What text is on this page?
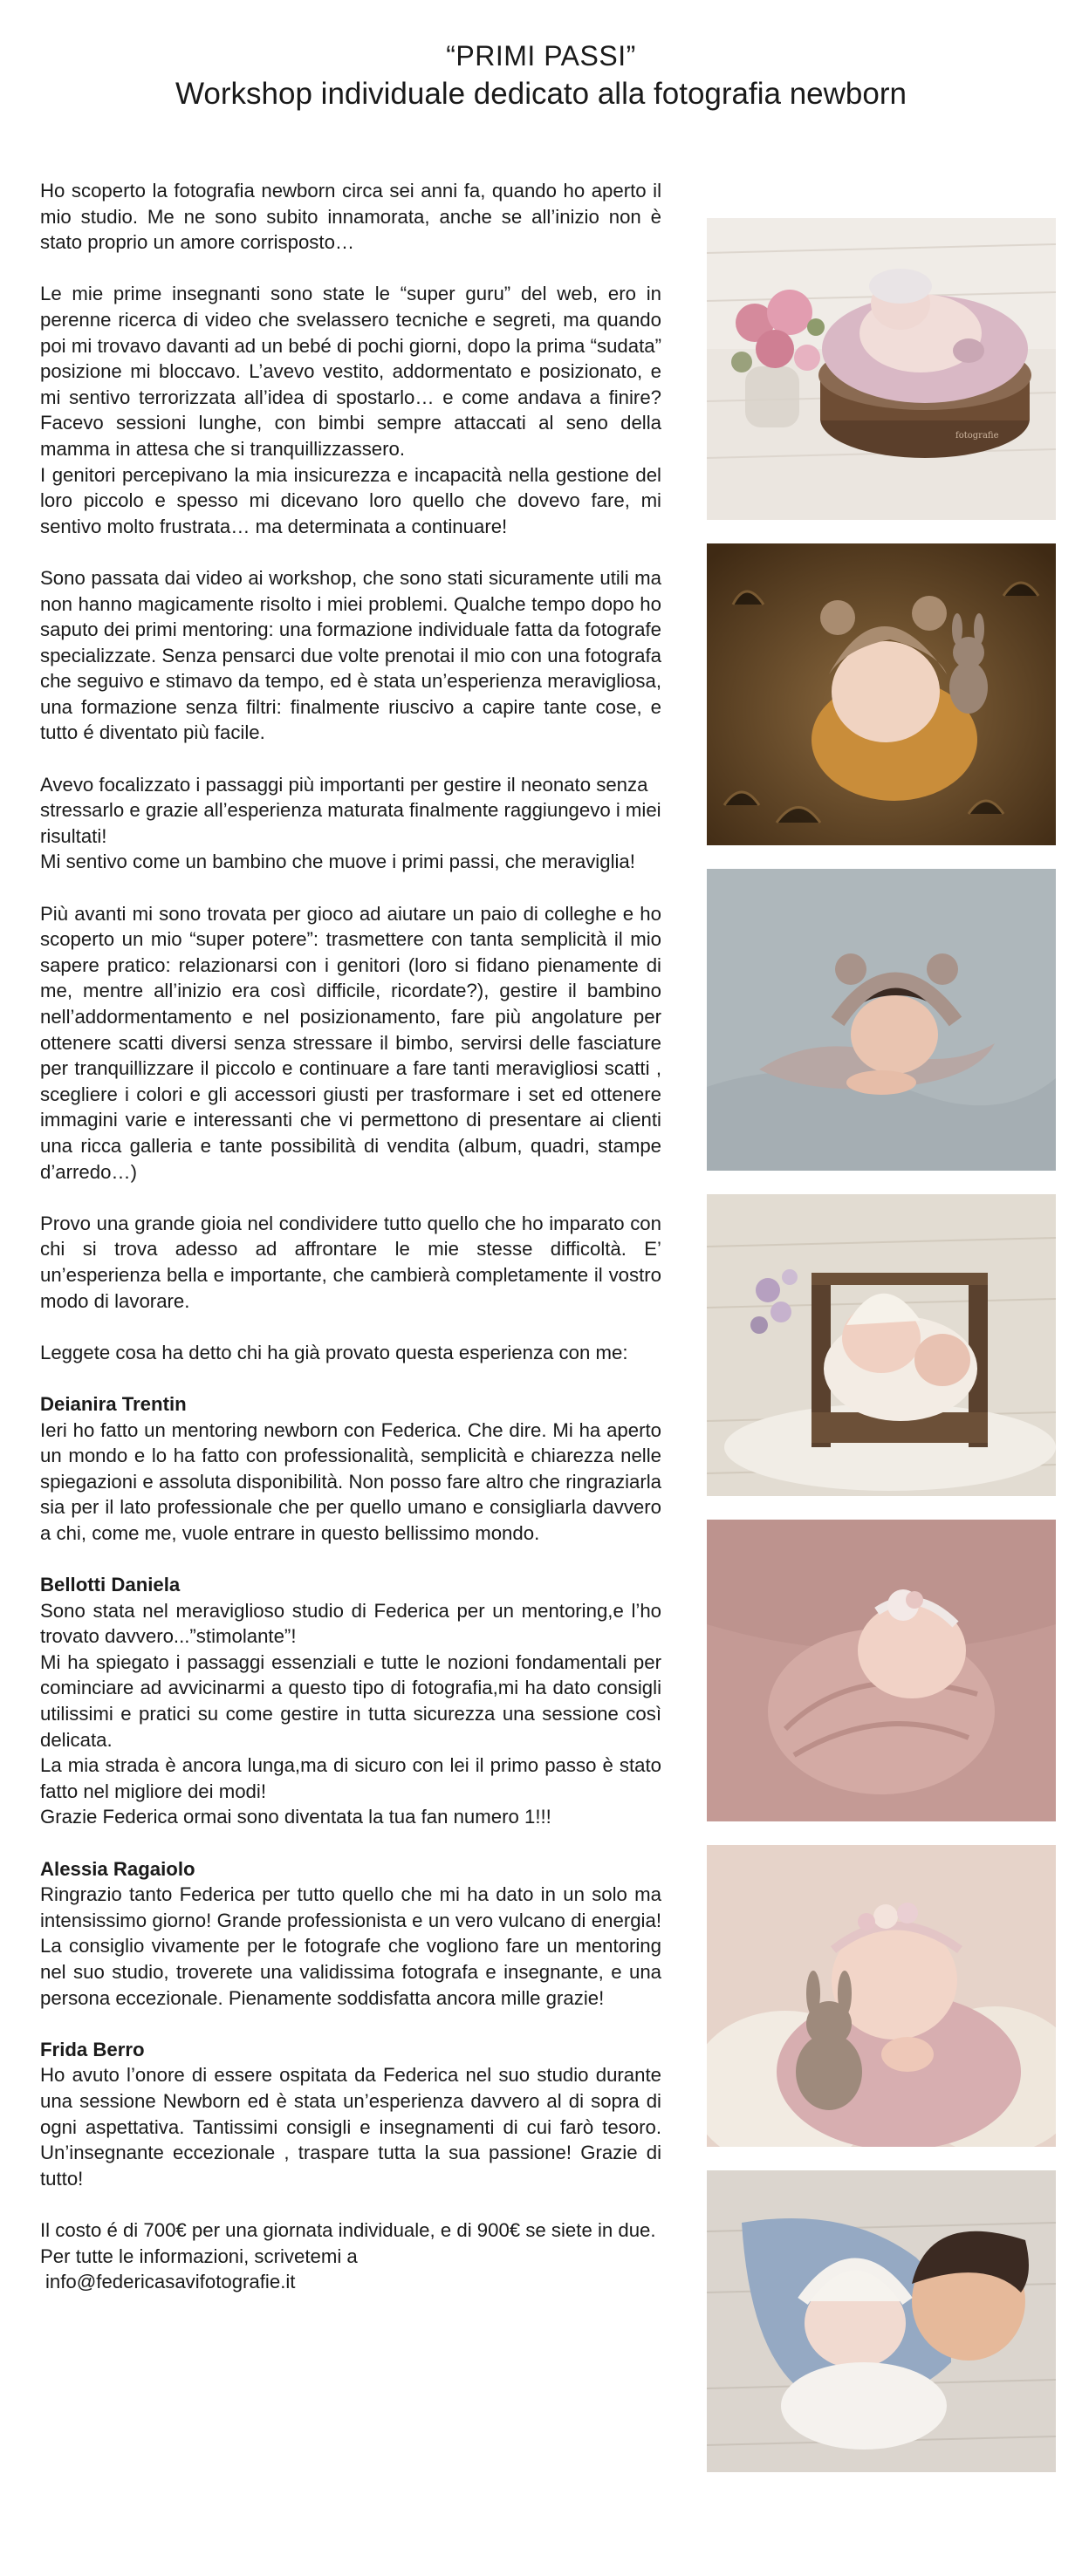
“PRIMI PASSI”
Workshop individuale dedicato alla fotografia newborn

Ho scoperto la fotografia newborn circa sei anni fa, quando ho aperto il mio studio. Me ne sono subito innamorata, anche se all’inizio non è stato proprio un amore corrisposto…

Le mie prime insegnanti sono state le “super guru” del web, ero in perenne ricerca di video che svelassero tecniche e segreti, ma quando poi mi trovavo davanti ad un bebé di pochi giorni, dopo la prima “sudata” posizione mi bloccavo. L’avevo vestito, addormentato e posizionato, e mi sentivo terrorizzata all’idea di spostarlo… e come andava a finire? Facevo sessioni lunghe, con bimbi sempre attaccati al seno della mamma in attesa che si tranquillizzassero.

I genitori percepivano la mia insicurezza e incapacità nella gestione del loro piccolo e spesso mi dicevano loro quello che dovevo fare, mi sentivo molto frustrata… ma determinata a continuare!

Sono passata dai video ai workshop, che sono stati sicuramente utili ma non hanno magicamente risolto i miei problemi. Qualche tempo dopo ho saputo dei primi mentoring: una formazione individuale fatta da fotografe specializzate. Senza pensarci due volte prenotai il mio con una fotografa che seguivo e stimavo da tempo, ed è stata un’esperienza meravigliosa, una formazione senza filtri: finalmente riuscivo a capire tante cose, e tutto é diventato più facile.

Avevo focalizzato i passaggi più importanti per gestire il neonato senza stressarlo e grazie all’esperienza maturata finalmente raggiungevo i miei risultati!

Mi sentivo come un bambino che muove i primi passi, che meraviglia!

Più avanti mi sono trovata per gioco ad aiutare un paio di colleghe e ho scoperto un mio “super potere”: trasmettere con tanta semplicità il mio sapere pratico: relazionarsi con i genitori (loro si fidano pienamente di me, mentre all’inizio era così difficile, ricordate?), gestire il bambino nell’addormentamento e nel posizionamento, fare più angolature per ottenere scatti diversi senza stressare il bimbo, servirsi delle fasciature per tranquillizzare il piccolo e continuare a fare tanti meravigliosi scatti , scegliere i colori e gli accessori giusti per trasformare i set ed ottenere immagini varie e interessanti che vi permettono di presentare ai clienti una ricca galleria e tante possibilità di vendita (album, quadri, stampe d’arredo…)

Provo una grande gioia nel condividere tutto quello che ho imparato con chi si trova adesso ad affrontare le mie stesse difficoltà. E’ un’esperienza bella e importante, che cambierà completamente il vostro modo di lavorare.

Leggete cosa ha detto chi ha già provato questa esperienza con me:

Deianira Trentin

Ieri ho fatto un mentoring newborn con Federica. Che dire. Mi ha aperto un mondo e lo ha fatto con professionalità, semplicità e chiarezza nelle spiegazioni e assoluta disponibilità. Non posso fare altro che ringraziarla sia per il lato professionale che per quello umano e consigliarla davvero a chi, come me, vuole entrare in questo bellissimo mondo.

Bellotti Daniela

Sono stata nel meraviglioso studio di Federica per un mentoring,e l’ho trovato davvero...”stimolante”!

Mi ha spiegato i passaggi essenziali e tutte le nozioni fondamentali per cominciare ad avvicinarmi a questo tipo di fotografia,mi ha dato consigli utilissimi e pratici su come gestire in tutta sicurezza una sessione così delicata.

La mia strada è ancora lunga,ma di sicuro con lei il primo passo è stato fatto nel migliore dei modi!

Grazie Federica ormai sono diventata la tua fan numero 1!!!

Alessia Ragaiolo

Ringrazio tanto Federica per tutto quello che mi ha dato in un solo ma intensissimo giorno! Grande professionista e un vero vulcano di energia! La consiglio vivamente per le fotografe che vogliono fare un mentoring nel suo studio, troverete una validissima fotografa e insegnante, e una persona eccezionale. Pienamente soddisfatta ancora mille grazie!

Frida Berro

Ho avuto l’onore di essere ospitata da Federica nel suo studio durante una sessione Newborn ed è stata un’esperienza davvero al di sopra di ogni aspettativa. Tantissimi consigli e insegnamenti di cui farò tesoro. Un’insegnante eccezionale , traspare tutta la sua passione! Grazie di tutto!

Il costo é di 700€ per una giornata individuale, e di 900€ se siete in due.

Per tutte le informazioni, scrivetemi a

info@federicasavifotografie.it

fotografie
